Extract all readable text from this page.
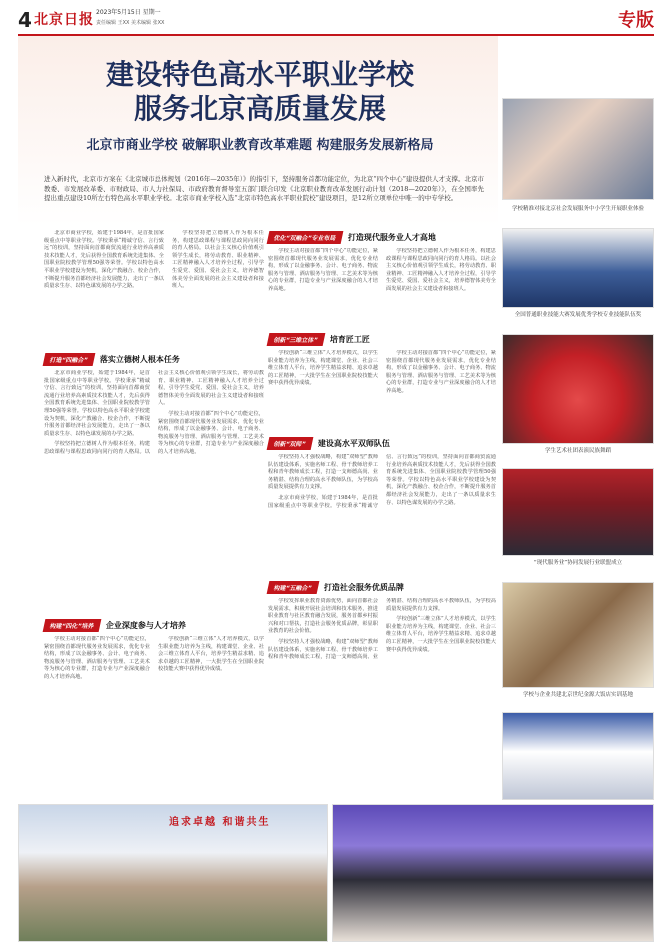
4 北京日报 2023年5月15日 星期一
责任编辑 王XX 美术编辑 张XX	专版
建设特色高水平职业学校
服务北京高质量发展
北京市商业学校 破解职业教育改革难题 构建服务发展新格局
进入新时代，北京市方案在《北京城市总体规划（2016年—2035年）》的指引下，坚持服务首都功能定位，为北京“四个中心”建设提供人才支撑。北京市教委、市发展改革委、市财政局、市人力社保局、市政府教育督导室五部门联合印发《北京职业教育改革发展行动计划（2018—2020年）》，在全国率先提出重点建设10所左右特色高水平职业学校。北京市商业学校入选“北京市特色高水平职业院校”建设项目，是12所立项单位中唯一的中专学校。
学校精准对接北京社会发展服务中小学生开展职业体验
全国普通职业技能大赛发展优秀学校专业技能队伍奖
学生艺术社团表演民族舞蹈
“现代服务业”协同发展行业联盟成立
学校与企业共建北京世纪金源大饭店实训基地

北京市商业学校，始建于1984年，是首批国家级重点中等职业学校。学校秉承“精诚守信、言行致远”的校训，坚持面向首都商贸流通行业培养高素质技术技能人才，先后获得全国教育系统先进集体、全国职业院校教学管理50强等荣誉。学校以特色高水平职业学校建设为契机，深化产教融合、校企合作，不断提升服务首都经济社会发展能力，走出了一条以质量求生存、以特色谋发展的办学之路。

学校坚持把立德树人作为根本任务，构建思政课程与课程思政同向同行的育人格局。以社会主义核心价值观引领学生成长，将劳动教育、职业精神、工匠精神融入人才培养全过程，引导学生爱党、爱国、爱社会主义，培养德智体美劳全面发展的社会主义建设者和接班人。

打造“四融合”	落实立德树人根本任务

北京市商业学校，始建于1984年，是首批国家级重点中等职业学校。学校秉承“精诚守信、言行致远”的校训，坚持面向首都商贸流通行业培养高素质技术技能人才，先后获得全国教育系统先进集体、全国职业院校教学管理50强等荣誉。学校以特色高水平职业学校建设为契机，深化产教融合、校企合作，不断提升服务首都经济社会发展能力，走出了一条以质量求生存、以特色谋发展的办学之路。

学校坚持把立德树人作为根本任务，构建思政课程与课程思政同向同行的育人格局。以社会主义核心价值观引领学生成长，将劳动教育、职业精神、工匠精神融入人才培养全过程，引导学生爱党、爱国、爱社会主义，培养德智体美劳全面发展的社会主义建设者和接班人。

学校主动对接首都“四个中心”功能定位，紧密围绕首都现代服务业发展需求，优化专业结构，形成了以金融事务、会计、电子商务、物流服务与管理、酒店服务与管理、工艺美术等为核心的专业群，打造专业与产业深度融合的人才培养高地。

构建“四化”培养	企业深度参与人才培养

学校主动对接首都“四个中心”功能定位，紧密围绕首都现代服务业发展需求，优化专业结构，形成了以金融事务、会计、电子商务、物流服务与管理、酒店服务与管理、工艺美术等为核心的专业群，打造专业与产业深度融合的人才培养高地。

学校创新“三维立体”人才培养模式，以学生职业能力培养为主线，构建课堂、企业、社会三维立体育人平台，培养学生精益求精、追求卓越的工匠精神，一大批学生在全国职业院校技能大赛中获得优异成绩。

优化“双融合”专业布局	打造现代服务业人才高地

学校主动对接首都“四个中心”功能定位，紧密围绕首都现代服务业发展需求，优化专业结构，形成了以金融事务、会计、电子商务、物流服务与管理、酒店服务与管理、工艺美术等为核心的专业群，打造专业与产业深度融合的人才培养高地。

学校坚持把立德树人作为根本任务，构建思政课程与课程思政同向同行的育人格局。以社会主义核心价值观引领学生成长，将劳动教育、职业精神、工匠精神融入人才培养全过程，引导学生爱党、爱国、爱社会主义，培养德智体美劳全面发展的社会主义建设者和接班人。

创新“三维立体”	培育匠工匠

学校创新“三维立体”人才培养模式，以学生职业能力培养为主线，构建课堂、企业、社会三维立体育人平台，培养学生精益求精、追求卓越的工匠精神，一大批学生在全国职业院校技能大赛中获得优异成绩。

学校主动对接首都“四个中心”功能定位，紧密围绕首都现代服务业发展需求，优化专业结构，形成了以金融事务、会计、电子商务、物流服务与管理、酒店服务与管理、工艺美术等为核心的专业群，打造专业与产业深度融合的人才培养高地。

创新“双师”	建设高水平双师队伍

学校坚持人才强校战略，构建“双师型”教师队伍建设体系，实施名师工程、骨干教师培养工程和青年教师成长工程，打造一支师德高尚、业务精湛、结构合理的高水平教师队伍，为学校高质量发展提供有力支撑。

北京市商业学校，始建于1984年，是首批国家级重点中等职业学校。学校秉承“精诚守信、言行致远”的校训，坚持面向首都商贸流通行业培养高素质技术技能人才，先后获得全国教育系统先进集体、全国职业院校教学管理50强等荣誉。学校以特色高水平职业学校建设为契机，深化产教融合、校企合作，不断提升服务首都经济社会发展能力，走出了一条以质量求生存、以特色谋发展的办学之路。

构建“五融合”	打造社会服务优质品牌

学校发挥职业教育资源优势，面向首都社会发展需求，积极开展社会培训和技术服务，推进职业教育与社区教育融合发展，服务首都乡村振兴和对口帮扶，打造社会服务优质品牌，彰显职业教育的社会价值。

学校坚持人才强校战略，构建“双师型”教师队伍建设体系，实施名师工程、骨干教师培养工程和青年教师成长工程，打造一支师德高尚、业务精湛、结构合理的高水平教师队伍，为学校高质量发展提供有力支撑。

学校创新“三维立体”人才培养模式，以学生职业能力培养为主线，构建课堂、企业、社会三维立体育人平台，培养学生精益求精、追求卓越的工匠精神，一大批学生在全国职业院校技能大赛中获得优异成绩。

追求卓越 和谐共生
